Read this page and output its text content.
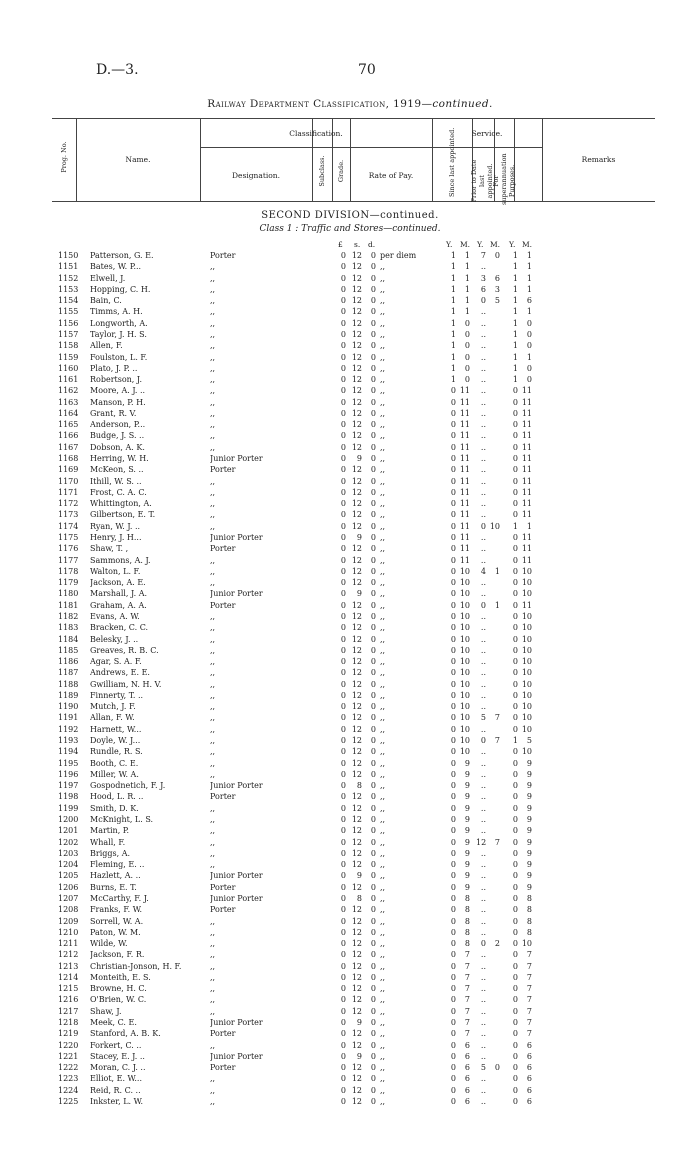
D.—3.	70
Railway Department Classification, 1919—continued.
Prog. No.	Name.
Classification.
Designation.	Subclass. Grade.	Rate of Pay.
Service.
Since last appointed. Prior to Date last appointed.
For superannuation Purposes.
Remarks
SECOND DIVISION—continued.
Class 1 : Traffic and Stores—continued.
£ s. d.	Y. M. Y. M. Y. M.
1150	Patterson, G. E.	Porter	0 12	0 per diem	1	1	7	0	1	1
1151	Bates, W. P...	,,	0 12	0 ,,	1	1	..	1	1
1152	Elwell, J.	,,	0 12	0 ,,	1	1	3	6	1	1
1153	Hopping, C. H.	,,	0 12	0 ,,	1	1	6	3	1	1
1154	Bain, C.	,,	0 12	0 ,,	1	1	0	5	1	6
1155	Timms, A. H.	,,	0 12	0 ,,	1	1	..	1	1
1156	Longworth, A.	,,	0 12	0 ,,	1	0	..	1	0
1157	Taylor, J. H. S.	,,	0 12	0 ,,	1	0	..	1	0
1158	Allen, F.	,,	0 12	0 ,,	1	0	..	1	0
1159	Foulston, L. F.	,,	0 12	0 ,,	1	0	..	1	1
1160	Plato, J. P. ..	,,	0 12	0 ,,	1	0	..	1	0
1161	Robertson, J.	,,	0 12	0 ,,	1	0	..	1	0
1162	Moore, A. J. ..	,,	0 12	0 ,,	0 11	..	0 11
1163	Manson, P. H.	,,	0 12	0 ,,	0 11	..	0 11
1164	Grant, R. V.	,,	0 12	0 ,,	0 11	..	0 11
1165	Anderson, P...	,,	0 12	0 ,,	0 11	..	0 11
1166	Budge, J. S. ..	,,	0 12	0 ,,	0 11	..	0 11
1167	Dobson, A. K.	,,	0 12	0 ,,	0 11	..	0 11
1168	Herring, W. H.	Junior Porter	0	9	0 ,,	0 11	..	0 11
1169	McKeon, S. ..	Porter	0 12	0 ,,	0 11	..	0 11
1170	Ithill, W. S. ..	,,	0 12	0 ,,	0 11	..	0 11
1171	Frost, C. A. C.	,,	0 12	0 ,,	0 11	..	0 11
1172	Whittington, A.	,,	0 12	0 ,,	0 11	..	0 11
1173	Gilbertson, E. T.	,,	0 12	0 ,,	0 11	..	0 11
1174	Ryan, W. J. ..	,,	0 12	0 ,,	0 11	0 10	1	1
1175	Henry, J. H...	Junior Porter	0	9	0 ,,	0 11	..	0 11
1176	Shaw, T. ,	Porter	0 12	0 ,,	0 11	..	0 11
1177	Sammons, A. J.	,,	0 12	0 ,,	0 11	..	0 11
1178	Walton, L. F.	,,	0 12	0 ,,	0 10	4	1	0 10
1179	Jackson, A. E.	,,	0 12	0 ,,	0 10	..	0 10
1180	Marshall, J. A.	Junior Porter	0	9	0 ,,	0 10	..	0 10
1181	Graham, A. A.	Porter	0 12	0 ,,	0 10	0	1	0 11
1182	Evans, A. W.	,,	0 12	0 ,,	0 10	..	0 10
1183	Bracken, C. C.	,,	0 12	0 ,,	0 10	..	0 10
1184	Belesky, J. ..	,,	0 12	0 ,,	0 10	..	0 10
1185	Greaves, R. B. C.	,,	0 12	0 ,,	0 10	..	0 10
1186	Agar, S. A. F.	,,	0 12	0 ,,	0 10	..	0 10
1187	Andrews, E. E.	,,	0 12	0 ,,	0 10	..	0 10
1188	Gwilliam, N. H. V.	,,	0 12	0 ,,	0 10	..	0 10
1189	Finnerty, T. ..	,,	0 12	0 ,,	0 10	..	0 10
1190	Mutch, J. F.	,,	0 12	0 ,,	0 10	..	0 10
1191	Allan, F. W.	,,	0 12	0 ,,	0 10	5	7	0 10
1192	Harnett, W...	,,	0 12	0 ,,	0 10	..	0 10
1193	Doyle, W. J...	,,	0 12	0 ,,	0 10	0	7	1	5
1194	Rundle, R. S.	,,	0 12	0 ,,	0 10	..	0 10
1195	Booth, C. E.	,,	0 12	0 ,,	0	9	..	0	9
1196	Miller, W. A.	,,	0 12	0 ,,	0	9	..	0	9
1197	Gospodnetich, F. J.	Junior Porter	0	8	0 ,,	0	9	..	0	9
1198	Hood, L. R. ..	Porter	0 12	0 ,,	0	9	..	0	9
1199	Smith, D. K.	,,	0 12	0 ,,	0	9	..	0	9
1200	McKnight, L. S.	,,	0 12	0 ,,	0	9	..	0	9
1201	Martin, P.	,,	0 12	0 ,,	0	9	..	0	9
1202	Whall, F.	,,	0 12	0 ,,	0	9 12	7	0	9
1203	Briggs, A.	,,	0 12	0 ,,	0	9	..	0	9
1204	Fleming, E. ..	,,	0 12	0 ,,	0	9	..	0	9
1205	Hazlett, A. ..	Junior Porter	0	9	0 ,,	0	9	..	0	9
1206	Burns, E. T.	Porter	0 12	0 ,,	0	9	..	0	9
1207	McCarthy, F. J.	Junior Porter	0	8	0 ,,	0	8	..	0	8
1208	Franks, F. W.	Porter	0 12	0 ,,	0	8	..	0	8
1209	Sorrell, W. A.	,,	0 12	0 ,,	0	8	..	0	8
1210	Paton, W. M.	,,	0 12	0 ,,	0	8	..	0	8
1211	Wilde, W.	,,	0 12	0 ,,	0	8	0	2	0 10
1212	Jackson, F. R.	,,	0 12	0 ,,	0	7	..	0	7
1213	Christian-Jonson, H. F.	,,	0 12	0 ,,	0	7	..	0	7
1214	Monteith, E. S.	,,	0 12	0 ,,	0	7	..	0	7
1215	Browne, H. C.	,,	0 12	0 ,,	0	7	..	0	7
1216	O'Brien, W. C.	,,	0 12	0 ,,	0	7	..	0	7
1217	Shaw, J.	,,	0 12	0 ,,	0	7	..	0	7
1218	Meek, C. E.	Junior Porter	0	9	0 ,,	0	7	..	0	7
1219	Stanford, A. B. K.	Porter	0 12	0 ,,	0	7	..	0	7
1220	Forkert, C. ..	,,	0 12	0 ,,	0	6	..	0	6
1221	Stacey, E. J. ..	Junior Porter	0	9	0 ,,	0	6	..	0	6
1222	Moran, C. J. ..	Porter	0 12	0 ,,	0	6	5	0	0	6
1223	Elliot, E. W...	,,	0 12	0 ,,	0	6	..	0	6
1224	Reid, R. C. ..	,,	0 12	0 ,,	0	6	..	0	6
1225	Inkster, L. W.	,,	0 12	0 ,,	0	6	..	0	6
